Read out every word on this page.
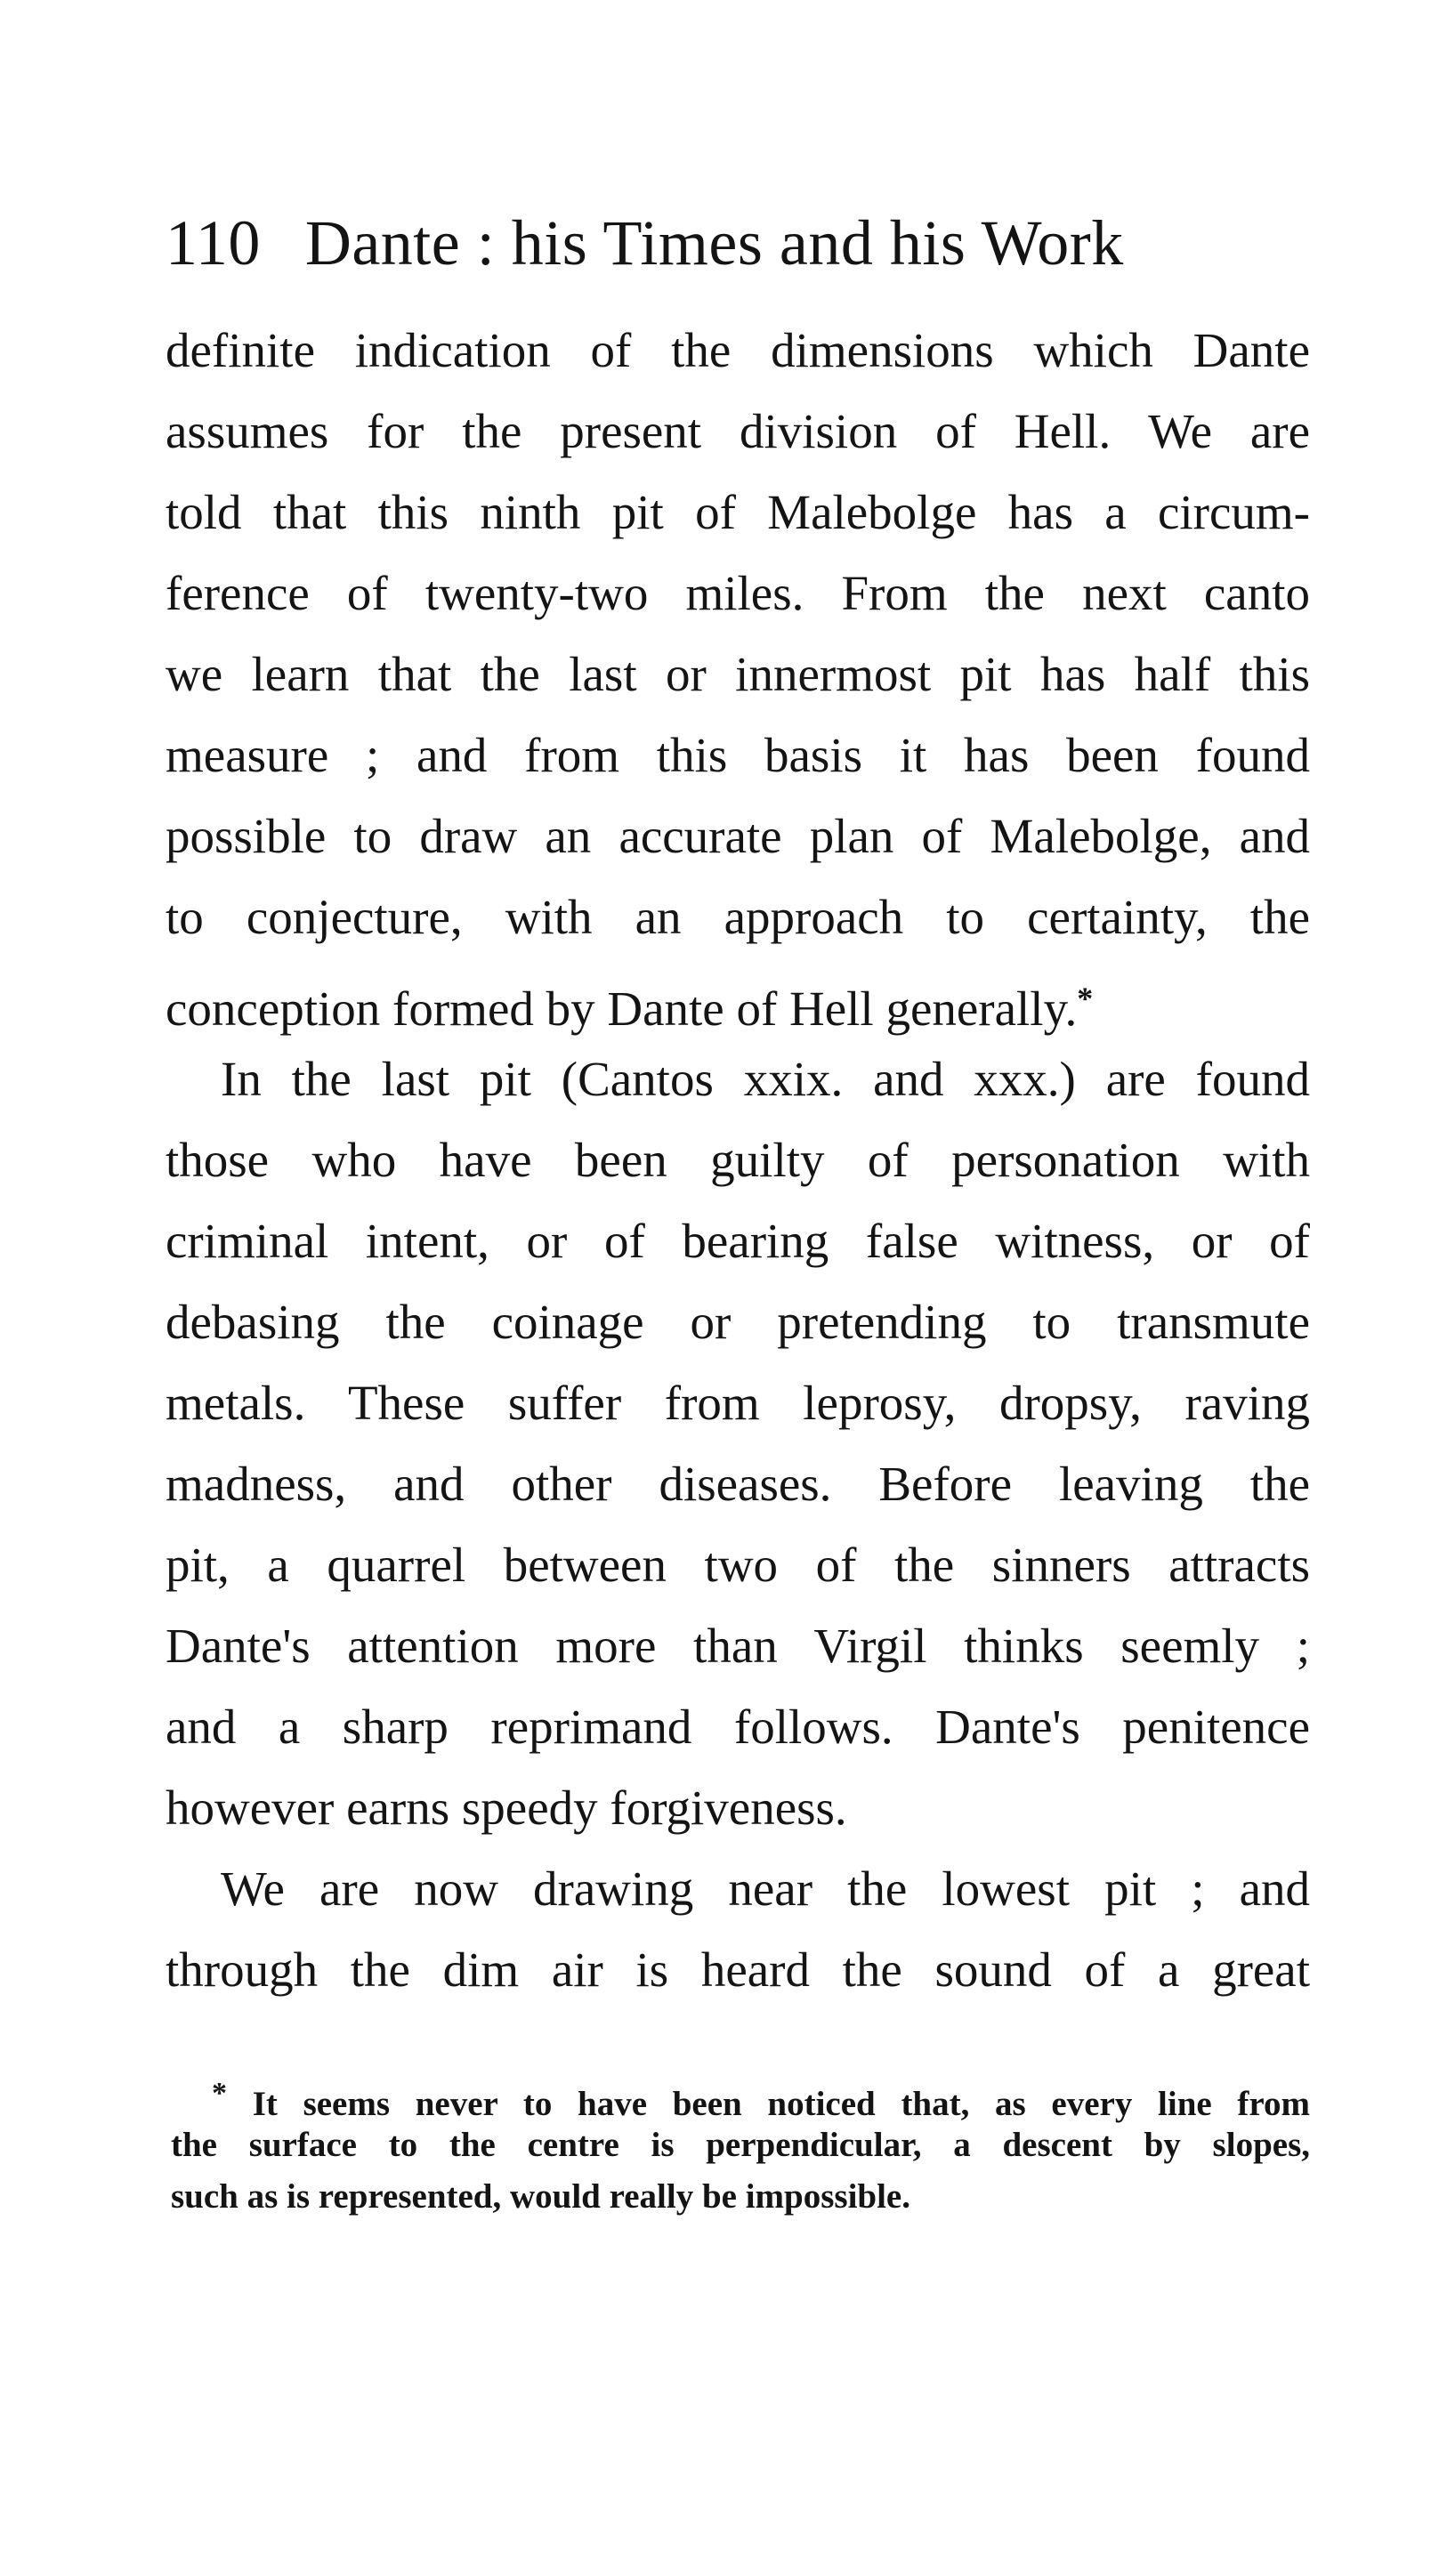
110 Dante : his Times and his Work
definite indication of the dimensions which Dante
assumes for the present division of Hell. We are
told that this ninth pit of Malebolge has a circum-
ference of twenty-two miles. From the next canto
we learn that the last or innermost pit has half this
measure ; and from this basis it has been found
possible to draw an accurate plan of Malebolge, and
to conjecture, with an approach to certainty, the
conception formed by Dante of Hell generally.*
In the last pit (Cantos xxix. and xxx.) are found
those who have been guilty of personation with
criminal intent, or of bearing false witness, or of
debasing the coinage or pretending to transmute
metals. These suffer from leprosy, dropsy, raving
madness, and other diseases. Before leaving the
pit, a quarrel between two of the sinners attracts
Dante's attention more than Virgil thinks seemly ;
and a sharp reprimand follows. Dante's penitence
however earns speedy forgiveness.
We are now drawing near the lowest pit ; and
through the dim air is heard the sound of a great
* It seems never to have been noticed that, as every line from
the surface to the centre is perpendicular, a descent by slopes,
such as is represented, would really be impossible.
